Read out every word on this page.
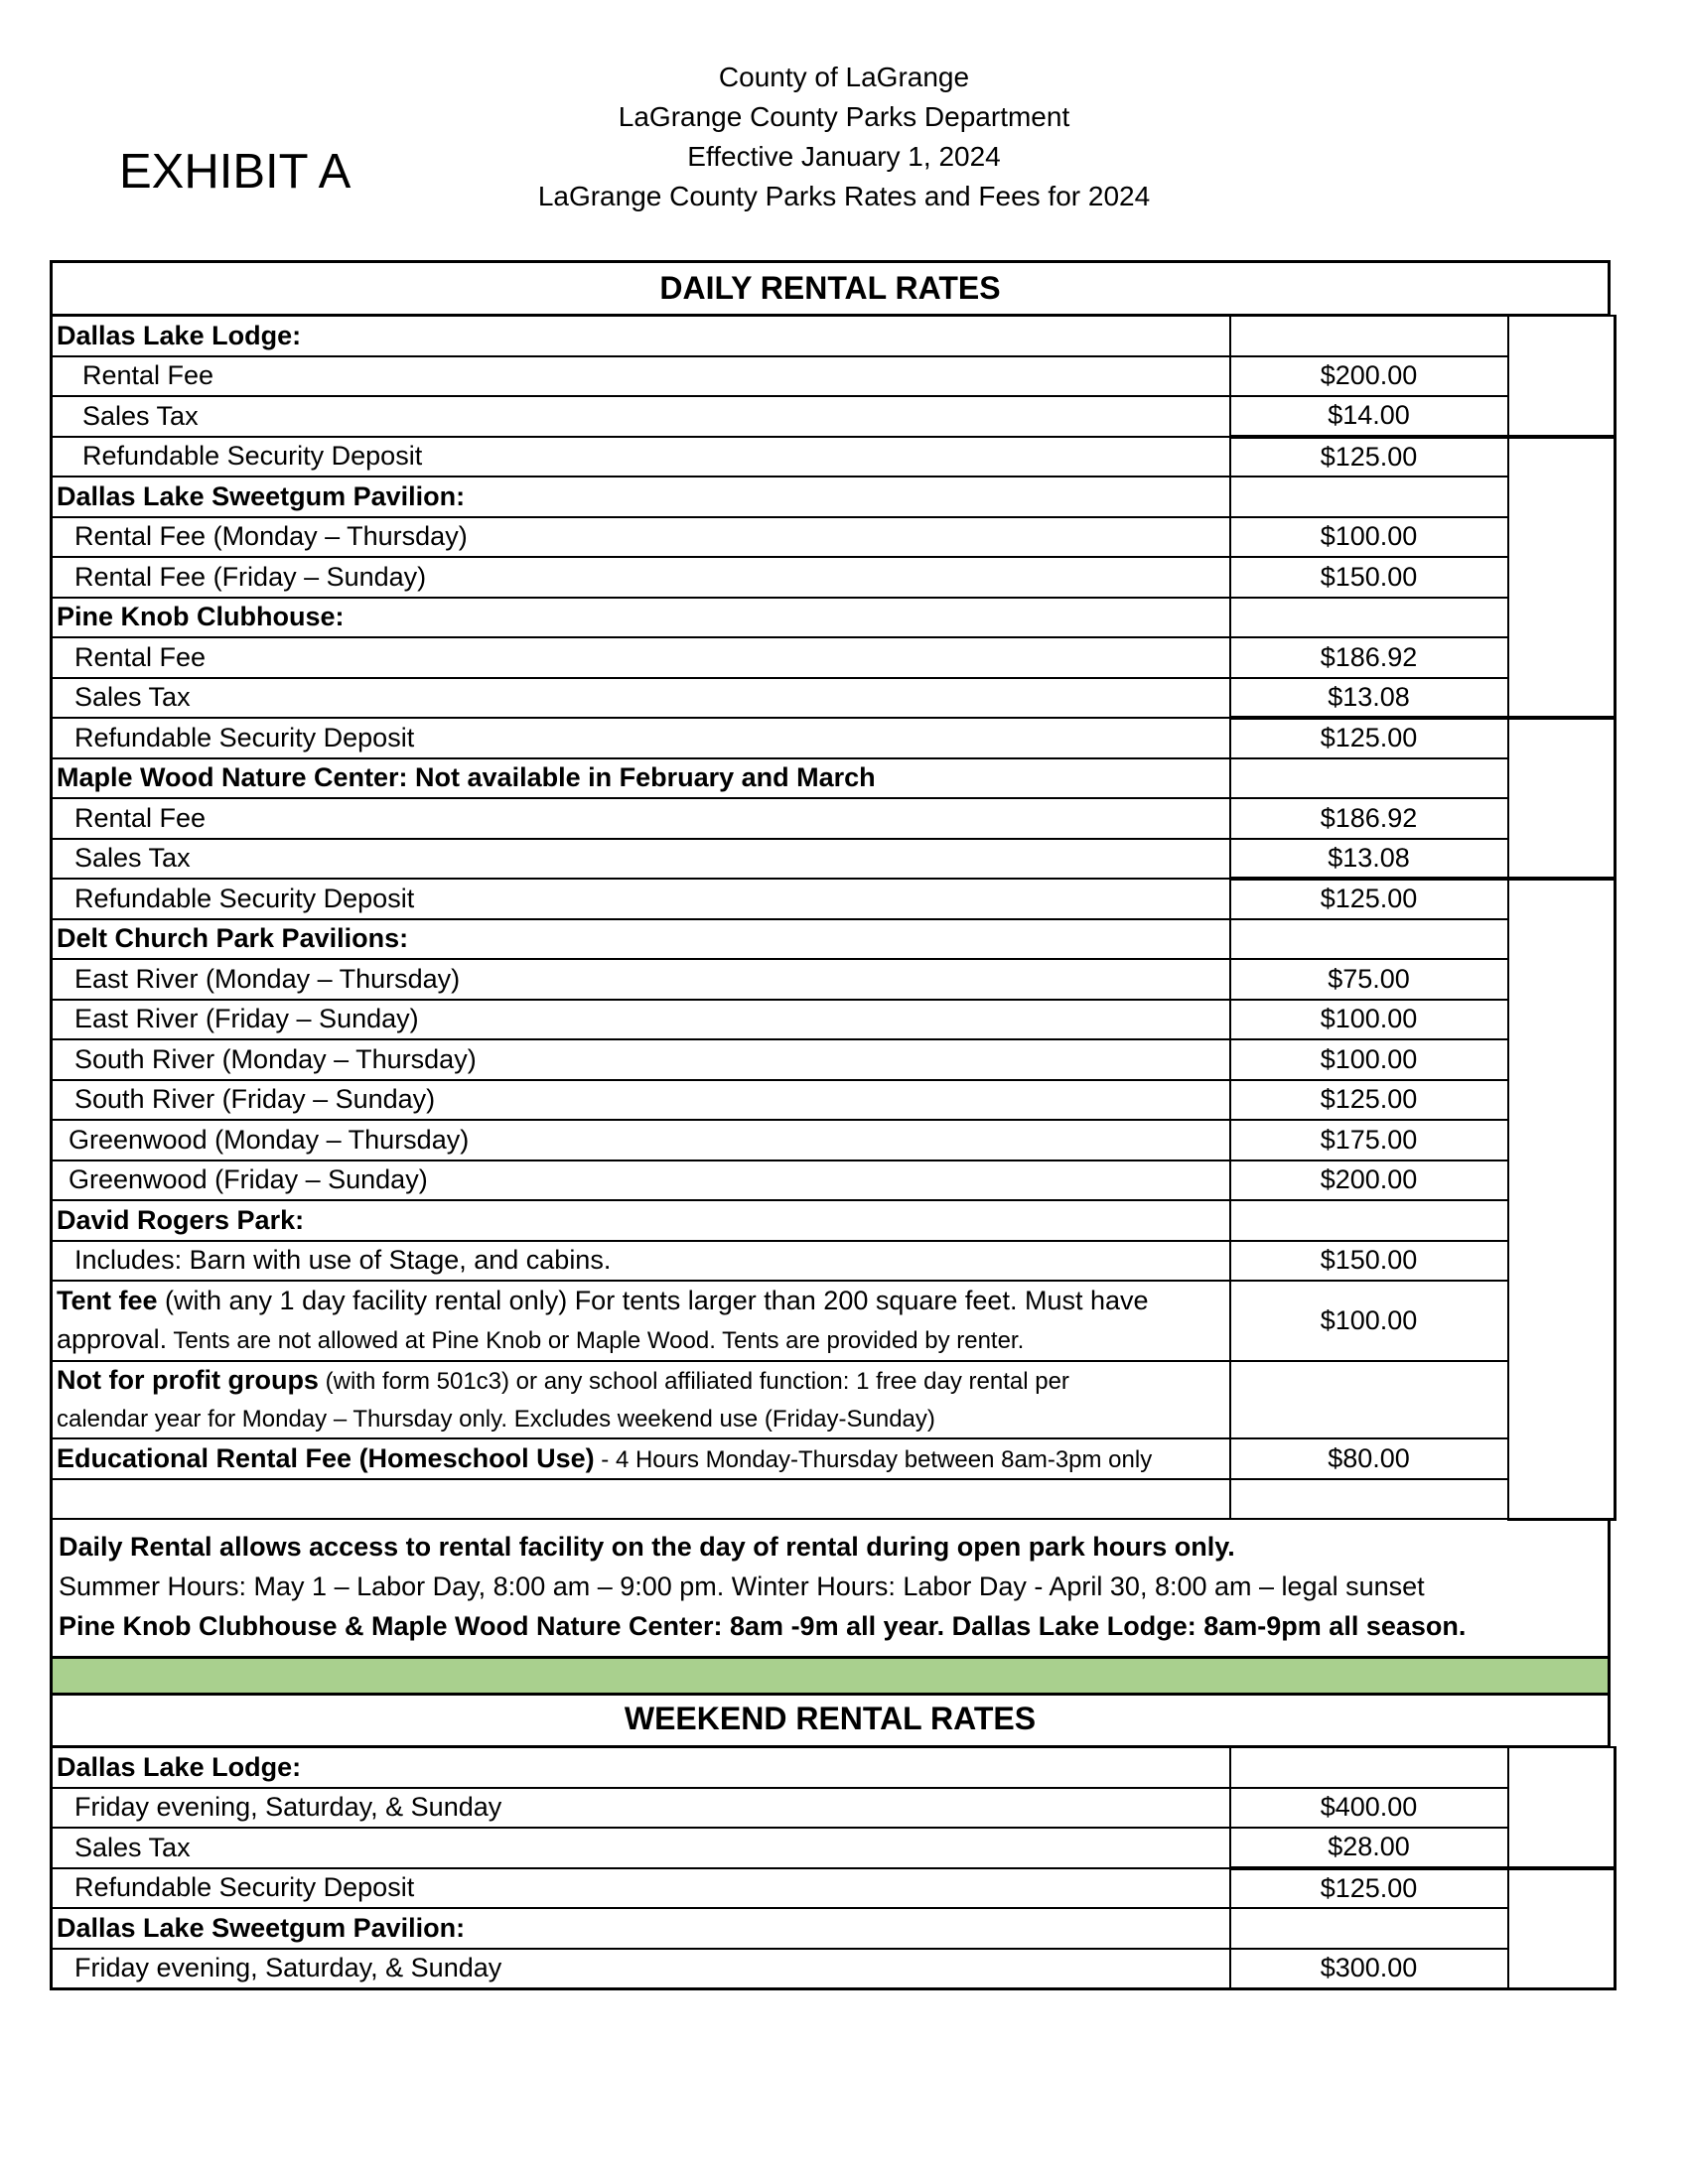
EXHIBIT A
County of LaGrange
LaGrange County Parks Department
Effective January 1, 2024
LaGrange County Parks Rates and Fees for 2024
DAILY RENTAL RATES
Dallas Lake Lodge:		
Rental Fee	$200.00	
Sales Tax	$14.00	
Refundable Security Deposit	$125.00	
Dallas Lake Sweetgum Pavilion:		
Rental Fee (Monday – Thursday)	$100.00	
Rental Fee (Friday – Sunday)	$150.00	
Pine Knob Clubhouse:		
Rental Fee	$186.92	
Sales Tax	$13.08	
Refundable Security Deposit	$125.00	
Maple Wood Nature Center: Not available in February and March		
Rental Fee	$186.92	
Sales Tax	$13.08	
Refundable Security Deposit	$125.00	
Delt Church Park Pavilions:		
East River (Monday – Thursday)	$75.00	
East River (Friday – Sunday)	$100.00	
South River (Monday – Thursday)	$100.00	
South River (Friday – Sunday)	$125.00	
Greenwood (Monday – Thursday)	$175.00	
Greenwood (Friday – Sunday)	$200.00	
David Rogers Park:		
Includes: Barn with use of Stage, and cabins.	$150.00	
Tent fee (with any 1 day facility rental only) For tents larger than 200 square feet. Must have
approval. Tents are not allowed at Pine Knob or Maple Wood. Tents are provided by renter.	$100.00	
Not for profit groups (with form 501c3) or any school affiliated function: 1 free day rental per
calendar year for Monday – Thursday only. Excludes weekend use (Friday-Sunday)		
Educational Rental Fee (Homeschool Use) - 4 Hours Monday-Thursday between 8am-3pm only	$80.00	

Daily Rental allows access to rental facility on the day of rental during open park hours only.
Summer Hours: May 1 – Labor Day, 8:00 am – 9:00 pm. Winter Hours: Labor Day - April 30, 8:00 am – legal sunset
Pine Knob Clubhouse & Maple Wood Nature Center: 8am -9m all year. Dallas Lake Lodge: 8am-9pm all season.
WEEKEND RENTAL RATES
Dallas Lake Lodge:		
Friday evening, Saturday, & Sunday	$400.00	
Sales Tax	$28.00	
Refundable Security Deposit	$125.00	
Dallas Lake Sweetgum Pavilion:		
Friday evening, Saturday, & Sunday	$300.00	
